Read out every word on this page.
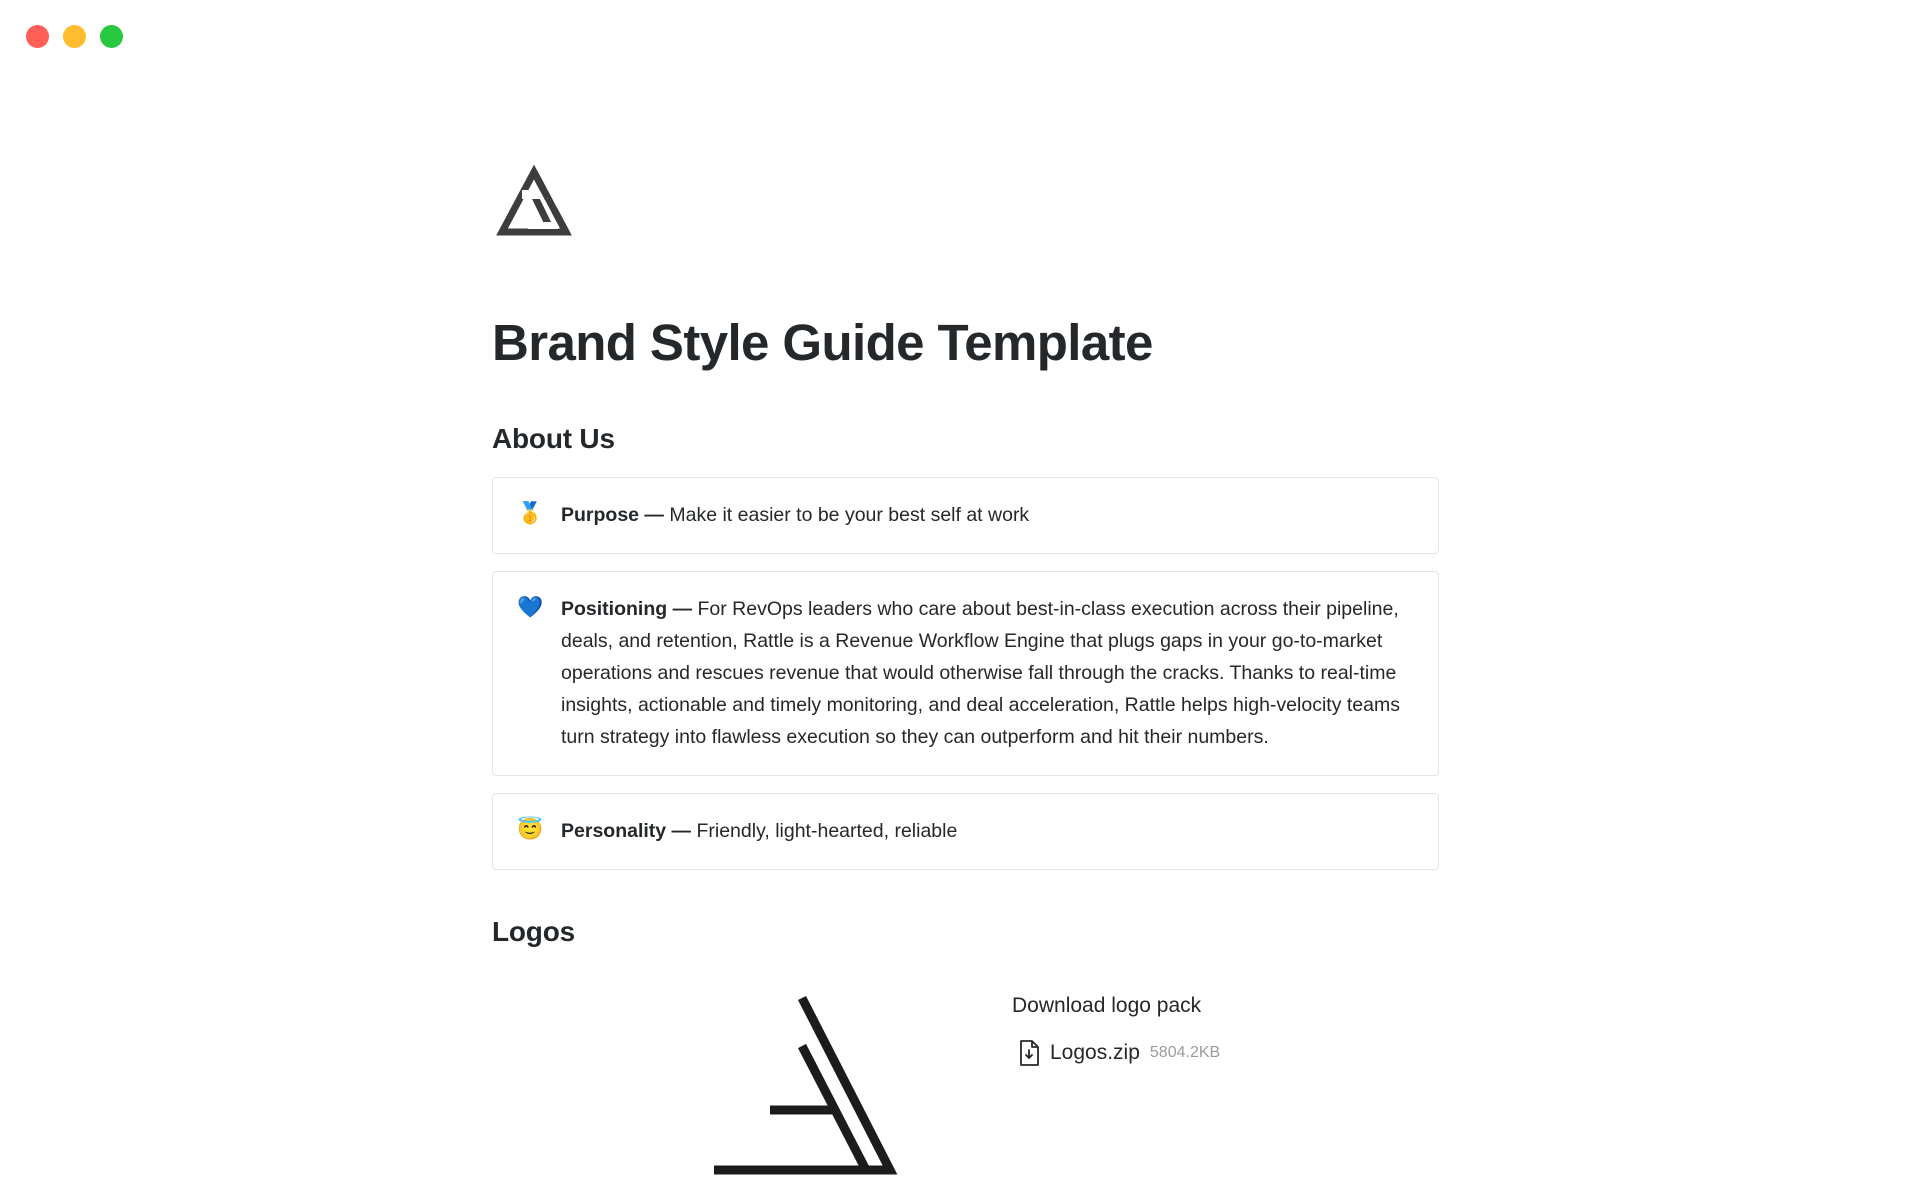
Brand Style Guide Template
About Us
🥇 Purpose — Make it easier to be your best self at work
💙 Positioning — For RevOps leaders who care about best-in-class execution across their pipeline, deals, and retention, Rattle is a Revenue Workflow Engine that plugs gaps in your go-to-market operations and rescues revenue that would otherwise fall through the cracks. Thanks to real-time insights, actionable and timely monitoring, and deal acceleration, Rattle helps high-velocity teams turn strategy into flawless execution so they can outperform and hit their numbers.
😇 Personality — Friendly, light-hearted, reliable
Logos
Download logo pack
Logos.zip 5804.2KB
